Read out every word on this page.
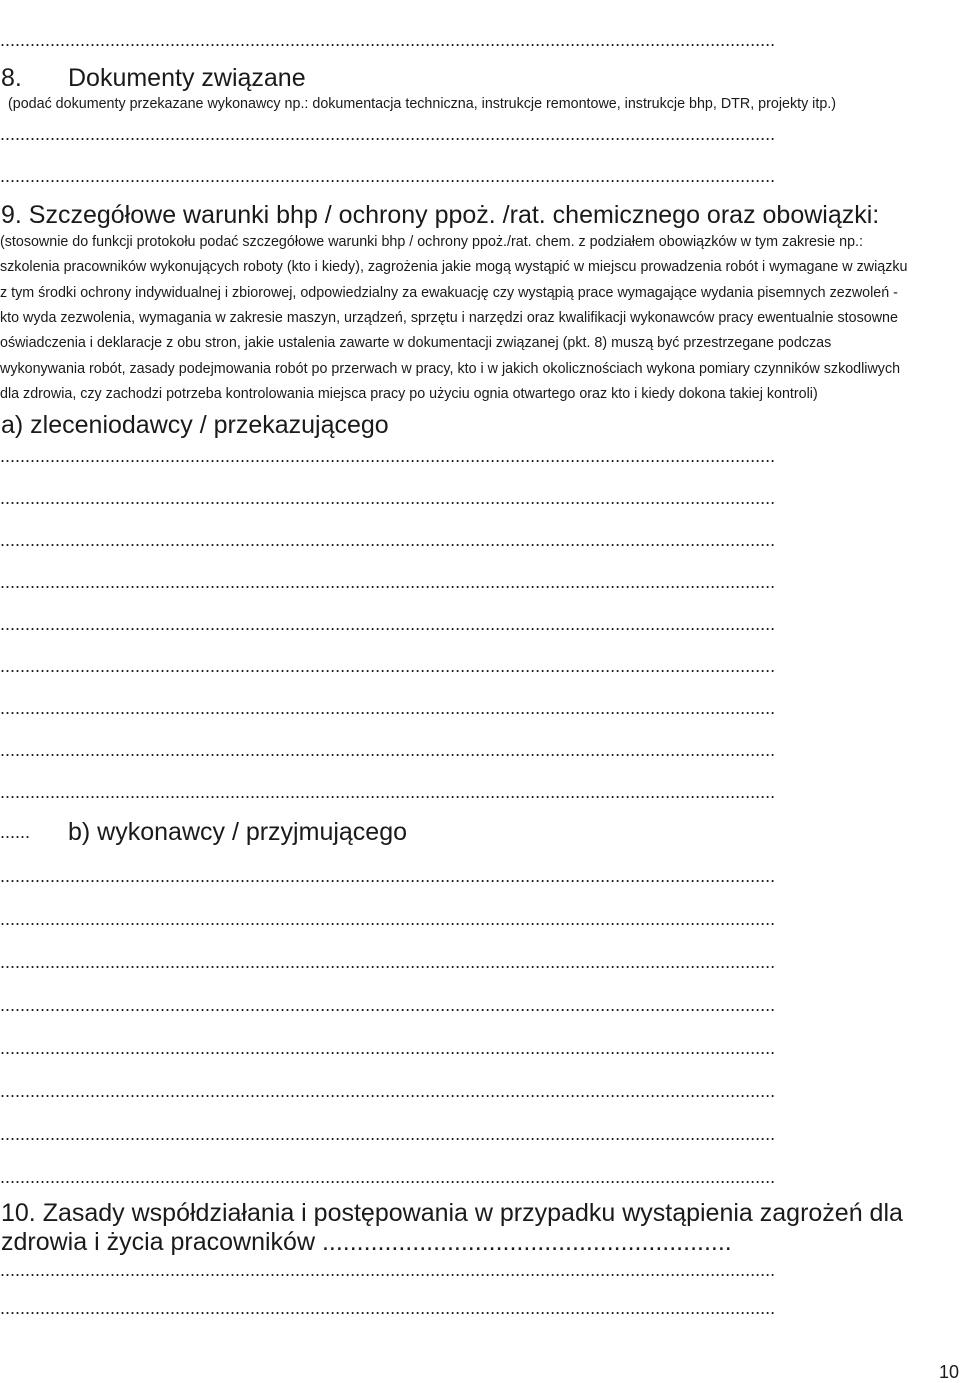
...........................................................................................................................................................
8. Dokumenty związane
(podać dokumenty przekazane wykonawcy np.: dokumentacja techniczna, instrukcje remontowe, instrukcje bhp, DTR, projekty itp.)
...........................................................................................................................................................
...........................................................................................................................................................
9. Szczegółowe warunki bhp / ochrony ppoż. /rat. chemicznego oraz obowiązki:
(stosownie do funkcji protokołu podać szczegółowe warunki bhp / ochrony ppoż./rat. chem. z podziałem obowiązków w tym zakresie np.:
szkolenia pracowników wykonujących roboty (kto i kiedy), zagrożenia jakie mogą wystąpić w miejscu prowadzenia robót i wymagane w związku
z tym środki ochrony indywidualnej i zbiorowej, odpowiedzialny za ewakuację czy wystąpią prace wymagające wydania pisemnych zezwoleń -
kto wyda zezwolenia, wymagania w zakresie maszyn, urządzeń, sprzętu i narzędzi oraz kwalifikacji wykonawców pracy ewentualnie stosowne
oświadczenia i deklaracje z obu stron, jakie ustalenia zawarte w dokumentacji związanej (pkt. 8) muszą być przestrzegane podczas
wykonywania robót, zasady podejmowania robót po przerwach w pracy, kto i w jakich okolicznościach wykona pomiary czynników szkodliwych
dla zdrowia, czy zachodzi potrzeba kontrolowania miejsca pracy po użyciu ognia otwartego oraz kto i kiedy dokona takiej kontroli)
a) zleceniodawcy / przekazującego
...........................................................................................................................................................
...........................................................................................................................................................
...........................................................................................................................................................
...........................................................................................................................................................
...........................................................................................................................................................
...........................................................................................................................................................
...........................................................................................................................................................
...........................................................................................................................................................
...........................................................................................................................................................
...... b) wykonawcy / przyjmującego
...........................................................................................................................................................
...........................................................................................................................................................
...........................................................................................................................................................
...........................................................................................................................................................
...........................................................................................................................................................
...........................................................................................................................................................
...........................................................................................................................................................
...........................................................................................................................................................
10. Zasady współdziałania i postępowania w przypadku wystąpienia zagrożeń dla
zdrowia i życia pracowników ...........................................................
...........................................................................................................................................................
...........................................................................................................................................................
10
